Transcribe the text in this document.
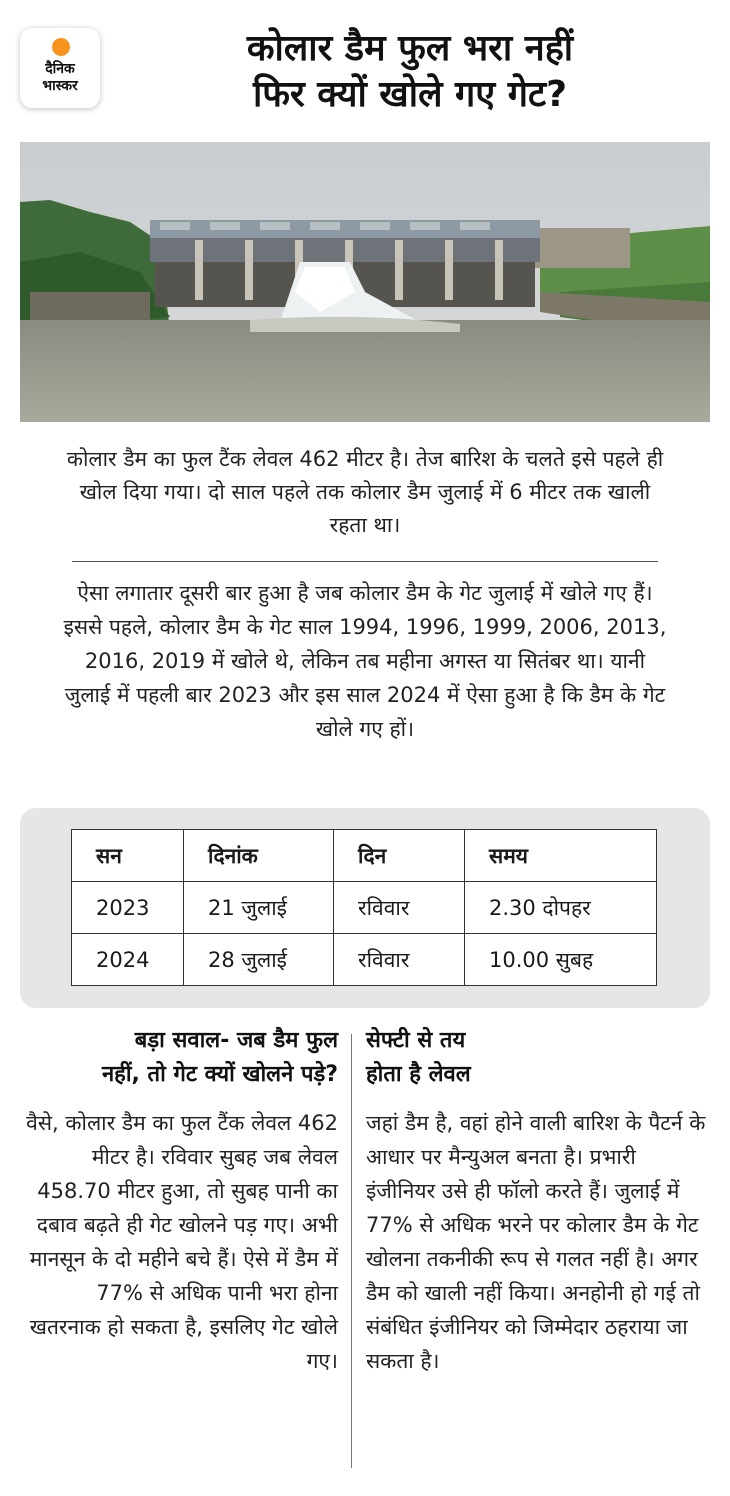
दैनिक
भास्कर
कोलार डैम फुल भरा नहीं
फिर क्यों खोले गए गेट?
कोलार डैम का फुल टैंक लेवल 462 मीटर है। तेज बारिश के चलते इसे पहले ही खोल दिया गया। दो साल पहले तक कोलार डैम जुलाई में 6 मीटर तक खाली रहता था।
ऐसा लगातार दूसरी बार हुआ है जब कोलार डैम के गेट जुलाई में खोले गए हैं। इससे पहले, कोलार डैम के गेट साल 1994, 1996, 1999, 2006, 2013, 2016, 2019 में खोले थे, लेकिन तब महीना अगस्त या सितंबर था। यानी जुलाई में पहली बार 2023 और इस साल 2024 में ऐसा हुआ है कि डैम के गेट खोले गए हों।
सन	दिनांक	दिन	समय
2023	21 जुलाई	रविवार	2.30 दोपहर
2024	28 जुलाई	रविवार	10.00 सुबह
बड़ा सवाल- जब डैम फुल
नहीं, तो गेट क्यों खोलने पड़े?
वैसे, कोलार डैम का फुल टैंक लेवल 462 मीटर है। रविवार सुबह जब लेवल 458.70 मीटर हुआ, तो सुबह पानी का दबाव बढ़ते ही गेट खोलने पड़ गए। अभी मानसून के दो महीने बचे हैं। ऐसे में डैम में 77% से अधिक पानी भरा होना खतरनाक हो सकता है, इसलिए गेट खोले गए।
सेफ्टी से तय
होता है लेवल
जहां डैम है, वहां होने वाली बारिश के पैटर्न के आधार पर मैन्युअल बनता है। प्रभारी इंजीनियर उसे ही फॉलो करते हैं। जुलाई में 77% से अधिक भरने पर कोलार डैम के गेट खोलना तकनीकी रूप से गलत नहीं है। अगर डैम को खाली नहीं किया। अनहोनी हो गई तो संबंधित इंजीनियर को जिम्मेदार ठहराया जा सकता है।
